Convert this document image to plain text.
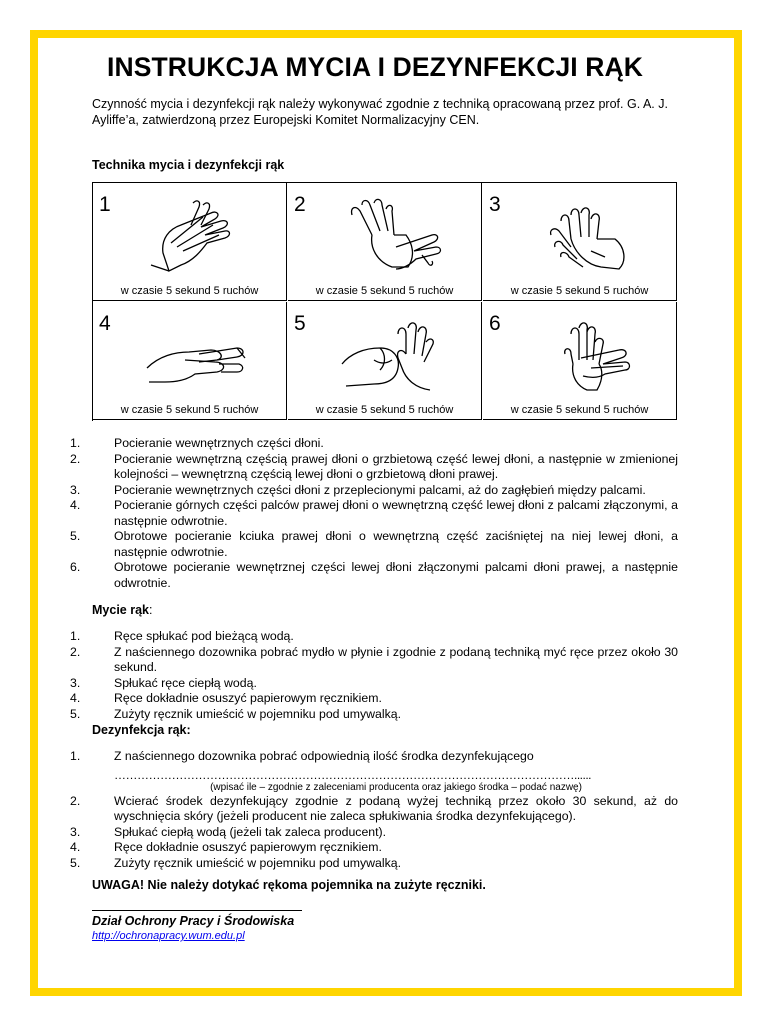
INSTRUKCJA MYCIA I DEZYNFEKCJI RĄK

Czynność mycia i dezynfekcji rąk należy wykonywać zgodnie z techniką opracowaną przez prof. G. A. J. Ayliffe’a, zatwierdzoną przez Europejski Komitet Normalizacyjny CEN.

Technika mycia i dezynfekcji rąk
1
w czasie 5 sekund 5 ruchów
2
w czasie 5 sekund 5 ruchów
3
w czasie 5 sekund 5 ruchów
4
w czasie 5 sekund 5 ruchów
5
w czasie 5 sekund 5 ruchów
6
w czasie 5 sekund 5 ruchów
1.	Pocieranie wewnętrznych części dłoni.
2.	Pocieranie wewnętrzną częścią prawej dłoni o grzbietową część lewej dłoni, a następnie w zmienionej kolejności – wewnętrzną częścią lewej dłoni o grzbietową dłoni prawej.
3.	Pocieranie wewnętrznych części dłoni z przeplecionymi palcami, aż do zagłębień między palcami.
4.	Pocieranie górnych części palców prawej dłoni o wewnętrzną część lewej dłoni z palcami złączonymi, a następnie odwrotnie.
5.	Obrotowe pocieranie kciuka prawej dłoni o wewnętrzną część zaciśniętej na niej lewej dłoni, a następnie odwrotnie.
6.	Obrotowe pocieranie wewnętrznej części lewej dłoni złączonymi palcami dłoni prawej, a następnie odwrotnie.
Mycie rąk:
1.	Ręce spłukać pod bieżącą wodą.
2.	Z naściennego dozownika pobrać mydło w płynie i zgodnie z podaną techniką myć ręce przez około 30 sekund.
3.	Spłukać ręce ciepłą wodą.
4.	Ręce dokładnie osuszyć papierowym ręcznikiem.
5.	Zużyty ręcznik umieścić w pojemniku pod umywalką.
Dezynfekcja rąk:
1.	Z naściennego dozownika pobrać odpowiednią ilość środka dezynfekującego
…………………………………………………………………………………………………………......
(wpisać ile – zgodnie z zaleceniami producenta oraz jakiego środka – podać nazwę)
2.	Wcierać środek dezynfekujący zgodnie z podaną wyżej techniką przez około 30 sekund, aż do wyschnięcia skóry (jeżeli producent nie zaleca spłukiwania środka dezynfekującego).
3.	Spłukać ciepłą wodą (jeżeli tak zaleca producent).
4.	Ręce dokładnie osuszyć papierowym ręcznikiem.
5.	Zużyty ręcznik umieścić w pojemniku pod umywalką.
UWAGA! Nie należy dotykać rękoma pojemnika na zużyte ręczniki.
Dział Ochrony Pracy i Środowiska
http://ochronapracy.wum.edu.pl
